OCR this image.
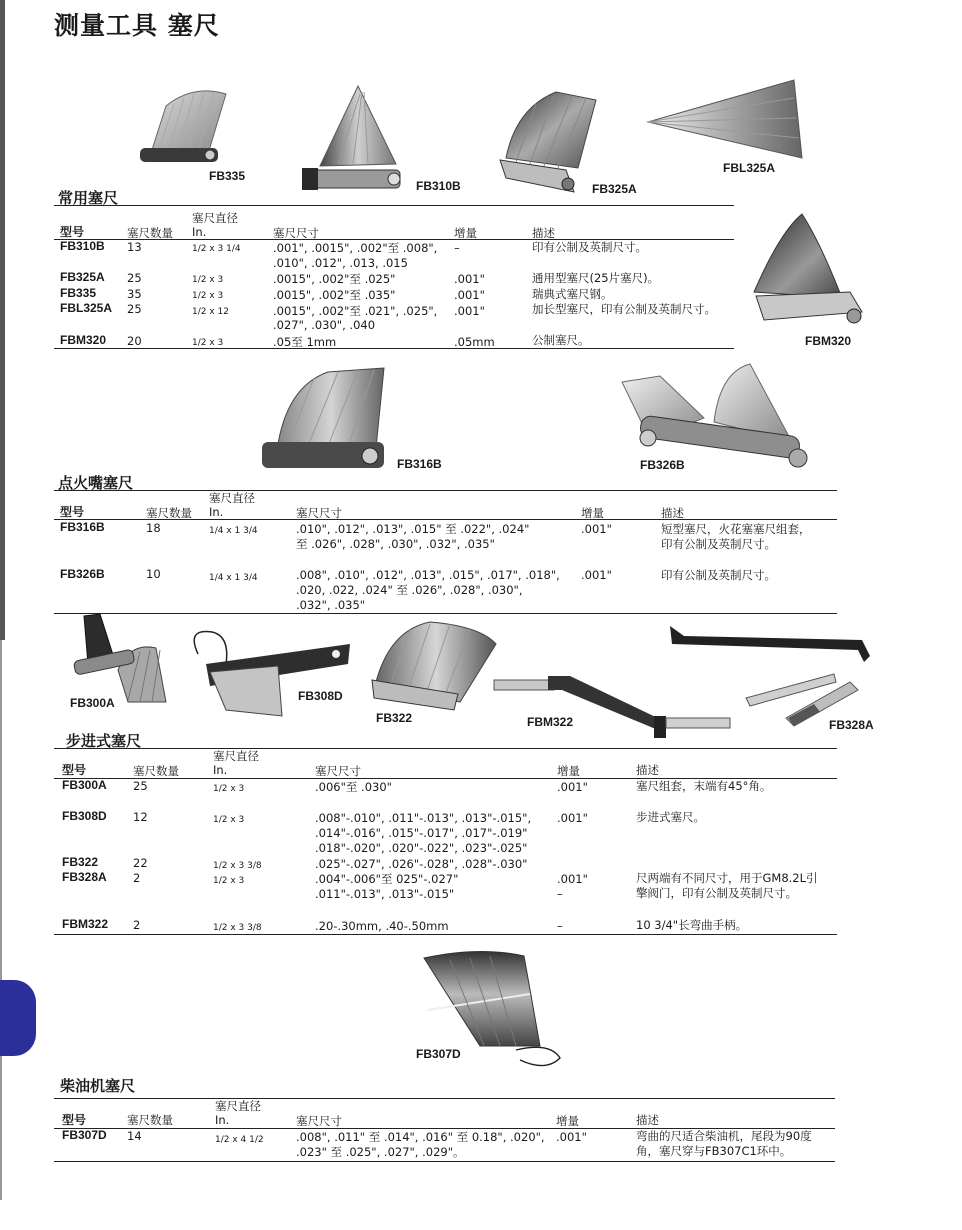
测量工具 塞尺
FB335
FB310B	FB325A
FBL325A
FBM320
常用塞尺
型号	塞尺数量
塞尺直径
In.	塞尺尺寸	增量	描述
FB310B 13	1/2 x 3 1/4	.001", .0015", .002"至 .008",
.010", .012", .013, .015
–	印有公制及英制尺寸。
FB325A 25	1/2 x 3	.0015", .002"至 .025"	.001"	通用型塞尺(25片塞尺)。
FB335	35	1/2 x 3	.0015", .002"至 .035"	.001"	瑞典式塞尺钢。
FBL325A 25	1/2 x 12	.0015", .002"至 .021", .025",
.027", .030", .040
.001"	加长型塞尺，印有公制及英制尺寸。
FBM320 20	1/2 x 3	.05至 1mm	.05mm	公制塞尺。
FB316B	FB326B
点火嘴塞尺
型号	塞尺数量
塞尺直径
In.	塞尺尺寸	增量	描述
FB316B	18	1/4 x 1 3/4	.010", .012", .013", .015" 至 .022", .024"
至 .026", .028", .030", .032", .035"
.001"	短型塞尺，火花塞塞尺组套，
印有公制及英制尺寸。
FB326B	10	1/4 x 1 3/4	.008", .010", .012", .013", .015", .017", .018",
.020, .022, .024" 至 .026", .028", .030",
.032", .035"
.001"	印有公制及英制尺寸。
FB300A	FB308D
FB322	FBM322	FB328A
步进式塞尺
型号	塞尺数量
塞尺直径
In.	塞尺尺寸	增量	描述
FB300A 25	1/2 x 3	.006"至 .030"	.001"	塞尺组套，末端有45°角。
FB308D 12	1/2 x 3	.008"-.010", .011"-.013", .013"-.015",
.014"-.016", .015"-.017", .017"-.019"
.018"-.020", .020"-.022", .023"-.025"
.001"	步进式塞尺。
FB322	22	1/2 x 3 3/8	.025"-.027", .026"-.028", .028"-.030"
FB328A 2	1/2 x 3	.004"-.006"至 025"-.027"
.011"-.013", .013"-.015"
.001"
–
尺两端有不同尺寸，用于GM8.2L引
擎阀门，印有公制及英制尺寸。
FBM322 2	1/2 x 3 3/8	.20-.30mm, .40-.50mm	–	10 3/4"长弯曲手柄。
FB307D
柴油机塞尺
型号	塞尺数量
塞尺直径
In.	塞尺尺寸	增量	描述
FB307D 14	1/2 x 4 1/2	.008", .011" 至 .014", .016" 至 0.18", .020",
.023" 至 .025", .027", .029"。
.001"	弯曲的尺适合柴油机，尾段为90度
角，塞尺穿与FB307C1环中。
